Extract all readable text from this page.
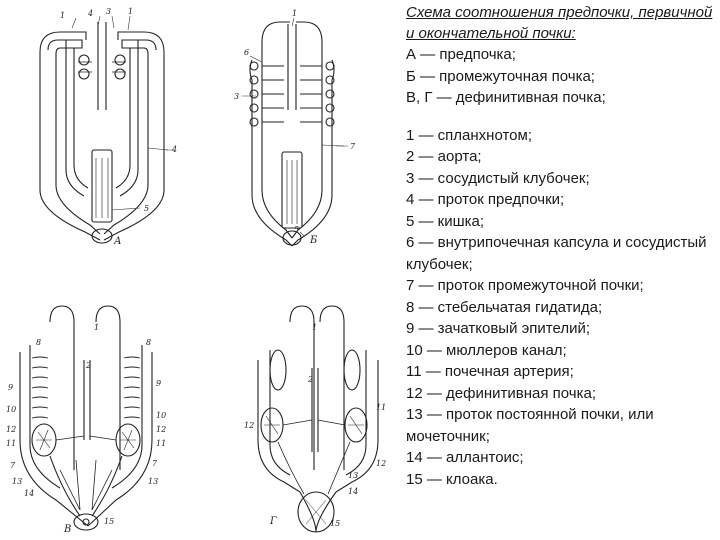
1	4 3 1
4
5
А
1
6
3
7
5
Б
8
1
2
8
9	9
10
10
12	12
11	11
7	7
13	13
14
15
В
1
2
12
11
12
13
14
15
Г

Схема соотношения предпочки, первичной и окончательной почки:

А — предпочка;

Б — промежуточная почка;

В, Г — дефинитивная почка;

1 — спланхнотом;

2 — аорта;

3 — сосудистый клубочек;

4 — проток предпочки;

5 — кишка;

6 — внутрипочечная капсула и сосудистый клубочек;

7 — проток промежуточной почки;

8 — стебельчатая гидатида;

9 — зачатковый эпителий;

10 — мюллеров канал;

11 — почечная артерия;

12 — дефинитивная почка;

13 — проток постоянной почки, или мочеточник;

14 — аллантоис;

15 — клоака.
